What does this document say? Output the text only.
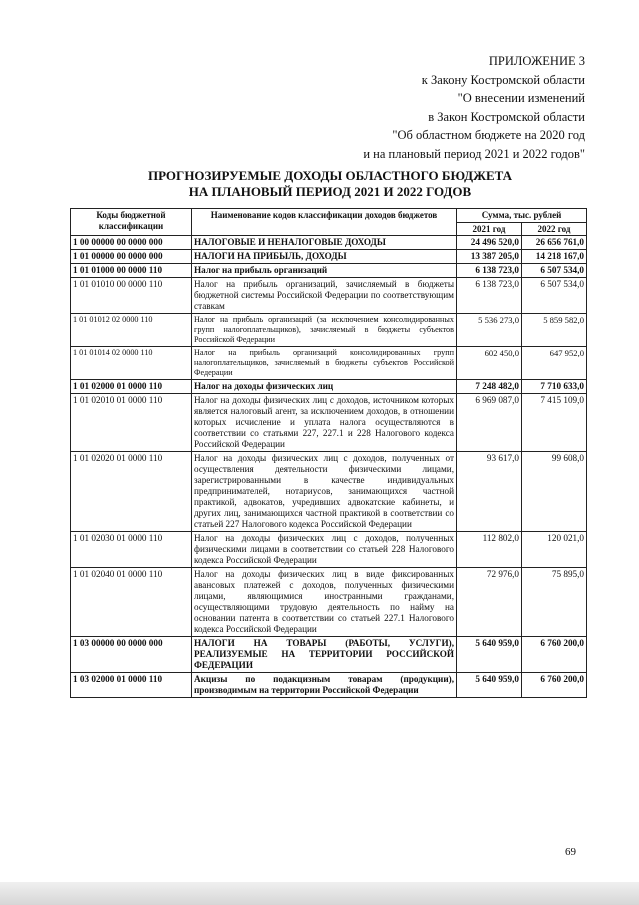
ПРИЛОЖЕНИЕ 3
к Закону Костромской области
"О внесении изменений
в Закон Костромской области
"Об областном бюджете на 2020 год
и на плановый период 2021 и 2022 годов"
ПРОГНОЗИРУЕМЫЕ ДОХОДЫ ОБЛАСТНОГО БЮДЖЕТА
НА ПЛАНОВЫЙ ПЕРИОД 2021 И 2022 ГОДОВ
Коды бюджетной классификации	Наименование кодов классификации доходов бюджетов	Сумма, тыс. рублей	
		2021 год	2022 год
1 00 00000 00 0000 000	НАЛОГОВЫЕ И НЕНАЛОГОВЫЕ ДОХОДЫ	24 496 520,0	26 656 761,0
1 01 00000 00 0000 000	НАЛОГИ НА ПРИБЫЛЬ, ДОХОДЫ	13 387 205,0	14 218 167,0
1 01 01000 00 0000 110	Налог на прибыль организаций	6 138 723,0	6 507 534,0
1 01 01010 00 0000 110	Налог на прибыль организаций, зачисляемый в бюджеты бюджетной системы Российской Федерации по соответствующим ставкам	6 138 723,0	6 507 534,0
1 01 01012 02 0000 110	Налог на прибыль организаций (за исключением консолидированных групп налогоплательщиков), зачисляемый в бюджеты субъектов Российской Федерации	5 536 273,0	5 859 582,0
1 01 01014 02 0000 110	Налог на прибыль организаций консолидированных групп налогоплательщиков, зачисляемый в бюджеты субъектов Российской Федерации	602 450,0	647 952,0
1 01 02000 01 0000 110	Налог на доходы физических лиц	7 248 482,0	7 710 633,0
1 01 02010 01 0000 110	Налог на доходы физических лиц с доходов, источником которых является налоговый агент, за исключением доходов, в отношении которых исчисление и уплата налога осуществляются в соответствии со статьями 227, 227.1 и 228 Налогового кодекса Российской Федерации	6 969 087,0	7 415 109,0
1 01 02020 01 0000 110	Налог на доходы физических лиц с доходов, полученных от осуществления деятельности физическими лицами, зарегистрированными в качестве индивидуальных предпринимателей, нотариусов, занимающихся частной практикой, адвокатов, учредивших адвокатские кабинеты, и других лиц, занимающихся частной практикой в соответствии со статьей 227 Налогового кодекса Российской Федерации	93 617,0	99 608,0
1 01 02030 01 0000 110	Налог на доходы физических лиц с доходов, полученных физическими лицами в соответствии со статьей 228 Налогового кодекса Российской Федерации	112 802,0	120 021,0
1 01 02040 01 0000 110	Налог на доходы физических лиц в виде фиксированных авансовых платежей с доходов, полученных физическими лицами, являющимися иностранными гражданами, осуществляющими трудовую деятельность по найму на основании патента в соответствии со статьей 227.1 Налогового кодекса Российской Федерации	72 976,0	75 895,0
1 03 00000 00 0000 000	НАЛОГИ НА ТОВАРЫ (РАБОТЫ, УСЛУГИ), РЕАЛИЗУЕМЫЕ НА ТЕРРИТОРИИ РОССИЙСКОЙ ФЕДЕРАЦИИ	5 640 959,0	6 760 200,0
1 03 02000 01 0000 110	Акцизы по подакцизным товарам (продукции), производимым на территории Российской Федерации	5 640 959,0	6 760 200,0
69
